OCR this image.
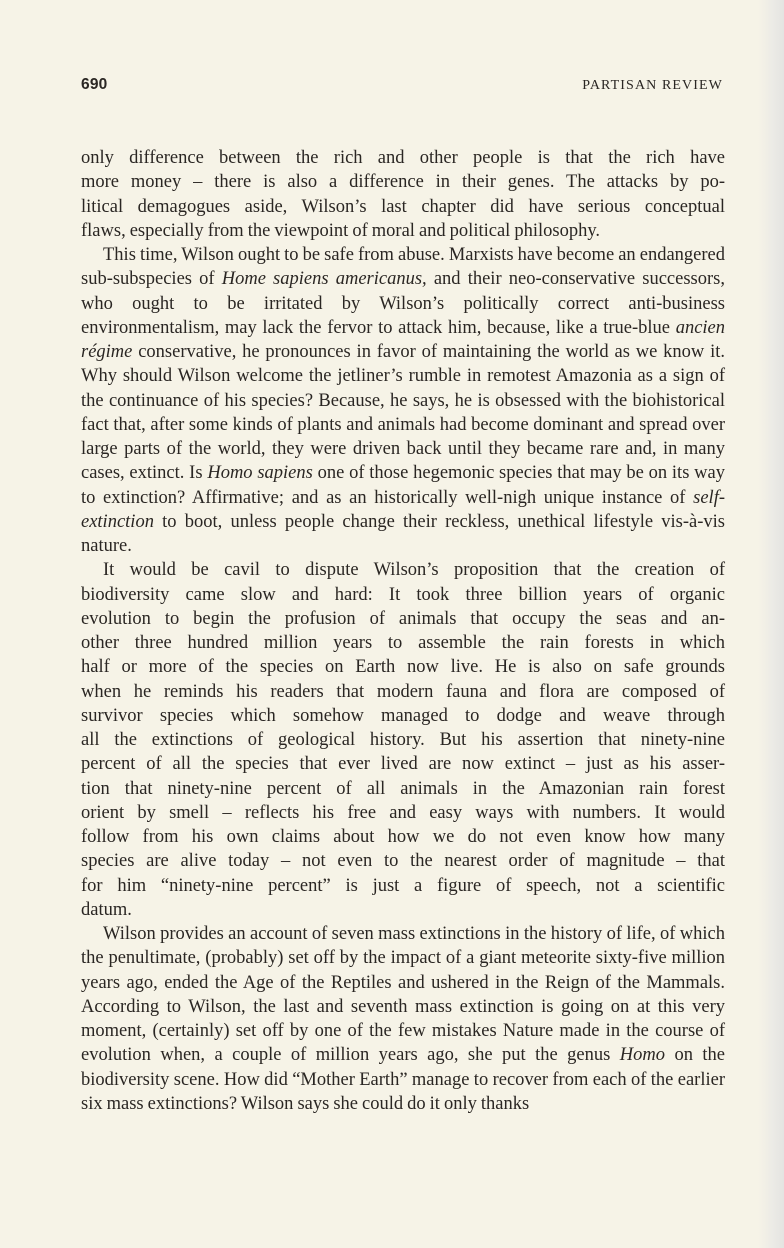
690	PARTISAN REVIEW
only difference between the rich and other people is that the rich have
more money – there is also a difference in their genes. The attacks by po-
litical demagogues aside, Wilson’s last chapter did have serious conceptual
flaws, especially from the viewpoint of moral and political philosophy.
This time, Wilson ought to be safe from abuse. Marxists have become an endangered sub-subspecies of Home sapiens americanus, and their neo-conservative successors, who ought to be irritated by Wilson’s politically correct anti-business environmentalism, may lack the fervor to attack him, because, like a true-blue ancien régime conservative, he pronounces in favor of maintaining the world as we know it. Why should Wilson welcome the jetliner’s rumble in remotest Amazonia as a sign of the continuance of his species? Because, he says, he is obsessed with the biohistorical fact that, after some kinds of plants and animals had become dominant and spread over large parts of the world, they were driven back until they became rare and, in many cases, extinct. Is Homo sapiens one of those hegemonic species that may be on its way to extinction? Affirmative; and as an historically well-nigh unique instance of self-extinction to boot, unless people change their reckless, unethical lifestyle vis-à-vis nature.
It would be cavil to dispute Wilson’s proposition that the creation of
biodiversity came slow and hard: It took three billion years of organic
evolution to begin the profusion of animals that occupy the seas and an-
other three hundred million years to assemble the rain forests in which
half or more of the species on Earth now live. He is also on safe grounds
when he reminds his readers that modern fauna and flora are composed of
survivor species which somehow managed to dodge and weave through
all the extinctions of geological history. But his assertion that ninety-nine
percent of all the species that ever lived are now extinct – just as his asser-
tion that ninety-nine percent of all animals in the Amazonian rain forest
orient by smell – reflects his free and easy ways with numbers. It would
follow from his own claims about how we do not even know how many
species are alive today – not even to the nearest order of magnitude – that
for him “ninety-nine percent” is just a figure of speech, not a scientific
datum.
Wilson provides an account of seven mass extinctions in the history of life, of which the penultimate, (probably) set off by the impact of a giant meteorite sixty-five million years ago, ended the Age of the Reptiles and ushered in the Reign of the Mammals. According to Wilson, the last and seventh mass extinction is going on at this very moment, (certainly) set off by one of the few mistakes Nature made in the course of evolution when, a couple of million years ago, she put the genus Homo on the biodiversity scene. How did “Mother Earth” manage to recover from each of the earlier six mass extinctions? Wilson says she could do it only thanks
